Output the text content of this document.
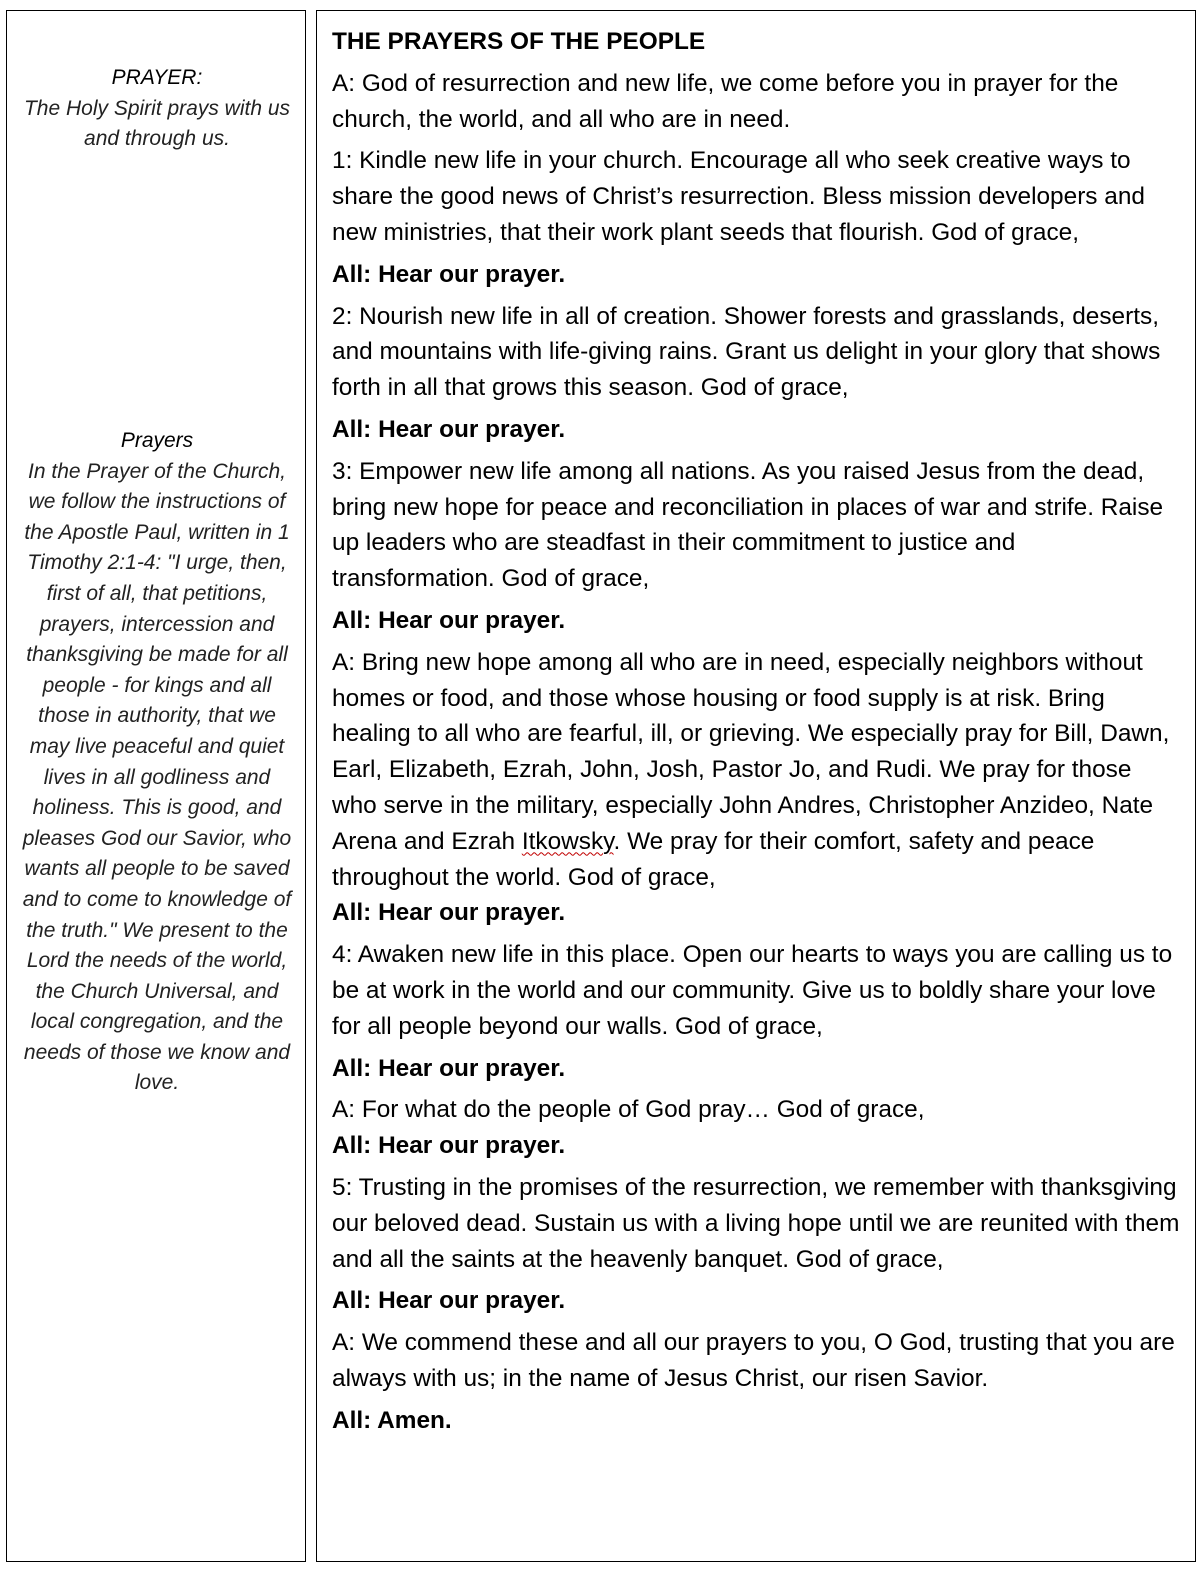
PRAYER:
The Holy Spirit prays with us and through us.
Prayers
In the Prayer of the Church, we follow the instructions of the Apostle Paul, written in 1 Timothy 2:1-4: "I urge, then, first of all, that petitions, prayers, intercession and thanksgiving be made for all people - for kings and all those in authority, that we may live peaceful and quiet lives in all godliness and holiness. This is good, and pleases God our Savior, who wants all people to be saved and to come to knowledge of the truth." We present to the Lord the needs of the world, the Church Universal, and local congregation, and the needs of those we know and love.
THE PRAYERS OF THE PEOPLE
A: God of resurrection and new life, we come before you in prayer for the church, the world, and all who are in need.
1: Kindle new life in your church. Encourage all who seek creative ways to share the good news of Christ’s resurrection. Bless mission developers and new ministries, that their work plant seeds that flourish. God of grace,
All: Hear our prayer.
2: Nourish new life in all of creation. Shower forests and grasslands, deserts, and mountains with life-giving rains. Grant us delight in your glory that shows forth in all that grows this season. God of grace,
All: Hear our prayer.
3: Empower new life among all nations. As you raised Jesus from the dead, bring new hope for peace and reconciliation in places of war and strife. Raise up leaders who are steadfast in their commitment to justice and transformation. God of grace,
All: Hear our prayer.
A: Bring new hope among all who are in need, especially neighbors without homes or food, and those whose housing or food supply is at risk. Bring healing to all who are fearful, ill, or grieving. We especially pray for Bill, Dawn, Earl, Elizabeth, Ezrah, John, Josh, Pastor Jo, and Rudi. We pray for those who serve in the military, especially John Andres, Christopher Anzideo, Nate Arena and Ezrah Itkowsky. We pray for their comfort, safety and peace throughout the world. God of grace,
All: Hear our prayer.
4: Awaken new life in this place. Open our hearts to ways you are calling us to be at work in the world and our community. Give us to boldly share your love for all people beyond our walls. God of grace,
All: Hear our prayer.
A: For what do the people of God pray… God of grace,
All: Hear our prayer.
5: Trusting in the promises of the resurrection, we remember with thanksgiving our beloved dead. Sustain us with a living hope until we are reunited with them and all the saints at the heavenly banquet. God of grace,
All: Hear our prayer.
A: We commend these and all our prayers to you, O God, trusting that you are always with us; in the name of Jesus Christ, our risen Savior.
All: Amen.
